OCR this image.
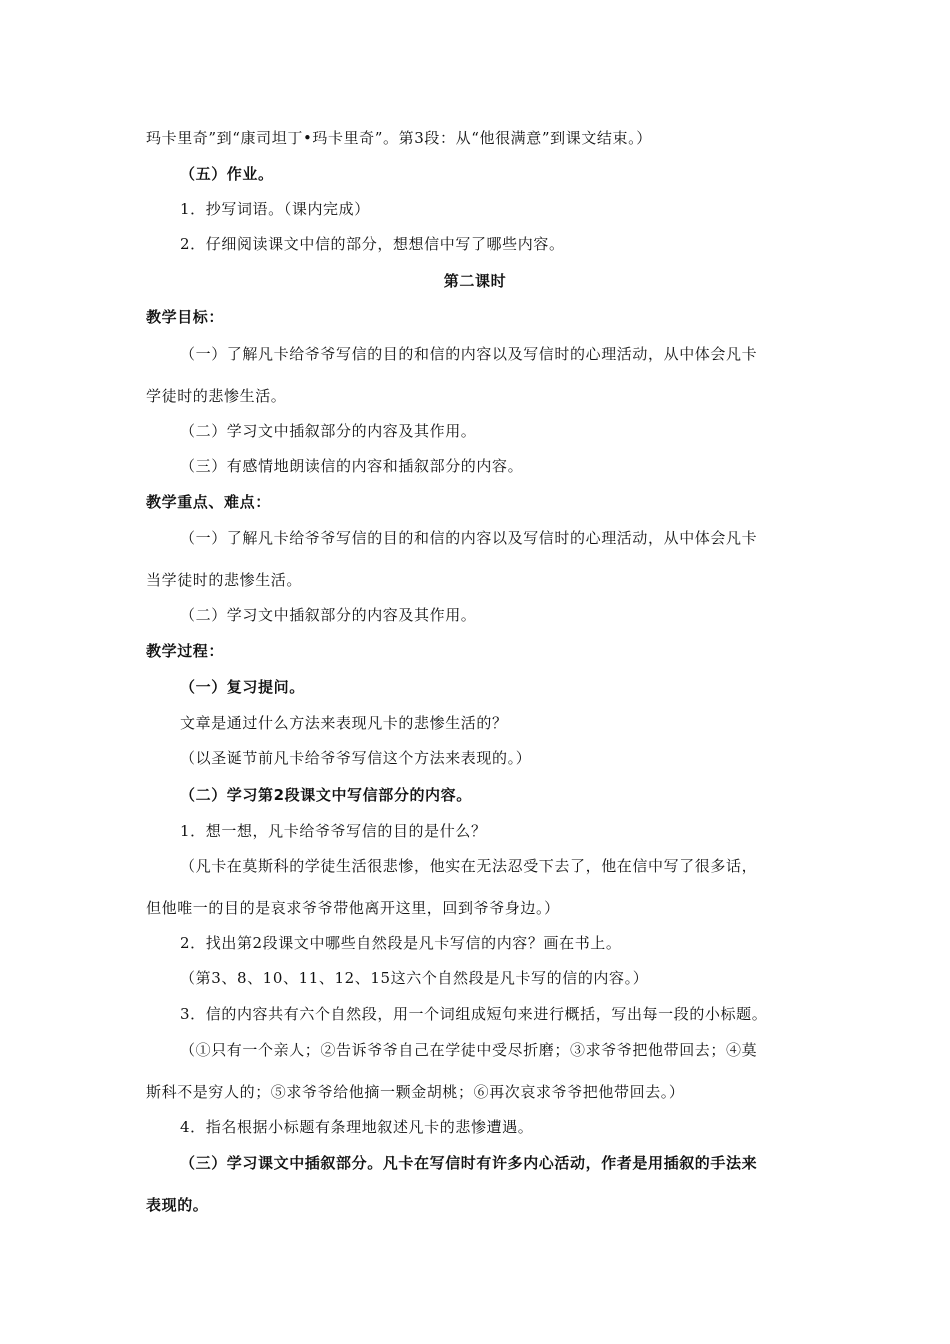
玛卡里奇”到“康司坦丁•玛卡里奇”。第3段：从“他很满意”到课文结束。）
（五）作业。
1．抄写词语。（课内完成）
2．仔细阅读课文中信的部分，想想信中写了哪些内容。
第二课时
教学目标：
（一）了解凡卡给爷爷写信的目的和信的内容以及写信时的心理活动，从中体会凡卡
学徒时的悲惨生活。
（二）学习文中插叙部分的内容及其作用。
（三）有感情地朗读信的内容和插叙部分的内容。
教学重点、难点：
（一）了解凡卡给爷爷写信的目的和信的内容以及写信时的心理活动，从中体会凡卡
当学徒时的悲惨生活。
（二）学习文中插叙部分的内容及其作用。
教学过程：
（一）复习提问。
文章是通过什么方法来表现凡卡的悲惨生活的？
（以圣诞节前凡卡给爷爷写信这个方法来表现的。）
（二）学习第2段课文中写信部分的内容。
1．想一想，凡卡给爷爷写信的目的是什么？
（凡卡在莫斯科的学徒生活很悲惨，他实在无法忍受下去了，他在信中写了很多话，
但他唯一的目的是哀求爷爷带他离开这里，回到爷爷身边。）
2．找出第2段课文中哪些自然段是凡卡写信的内容？画在书上。
（第3、8、10、11、12、15这六个自然段是凡卡写的信的内容。）
3．信的内容共有六个自然段，用一个词组成短句来进行概括，写出每一段的小标题。
（①只有一个亲人；②告诉爷爷自己在学徒中受尽折磨；③求爷爷把他带回去；④莫
斯科不是穷人的；⑤求爷爷给他摘一颗金胡桃；⑥再次哀求爷爷把他带回去。）
4．指名根据小标题有条理地叙述凡卡的悲惨遭遇。
（三）学习课文中插叙部分。凡卡在写信时有许多内心活动，作者是用插叙的手法来
表现的。
